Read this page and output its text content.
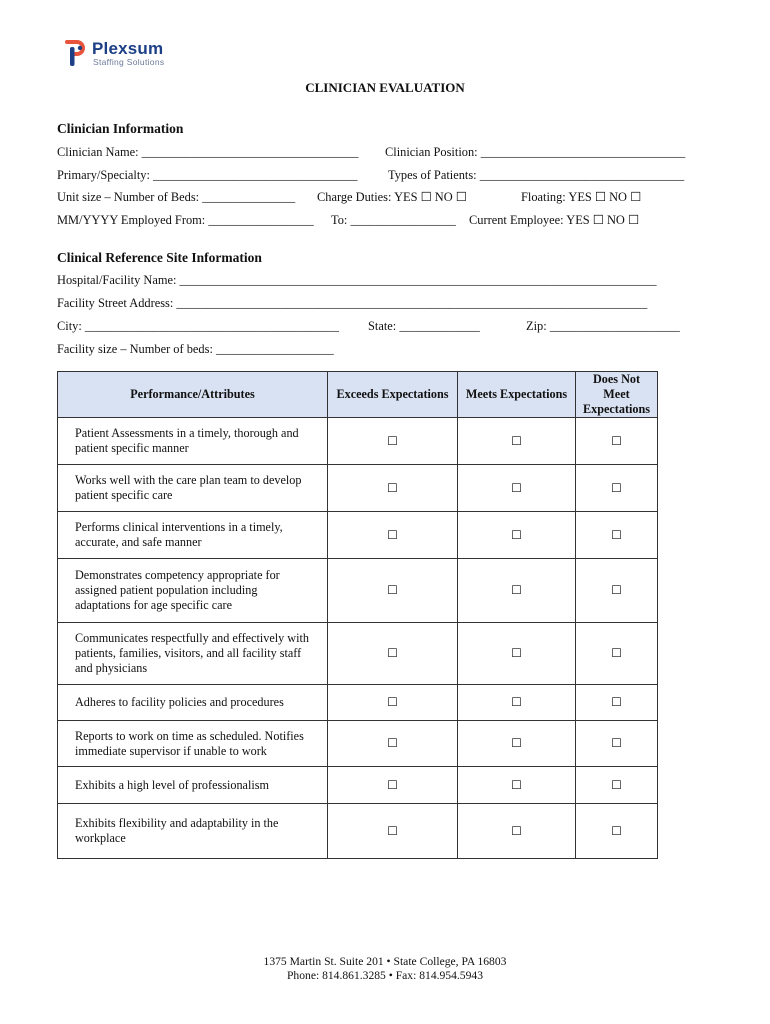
Plexsum
Staffing Solutions
CLINICIAN EVALUATION
Clinician Information
Clinician Name: ___________________________________ Clinician Position: _________________________________
Primary/Specialty: _________________________________ Types of Patients: _________________________________
Unit size – Number of Beds: _______________ Charge Duties: YES ☐ NO ☐	Floating: YES ☐ NO ☐
MM/YYYY Employed From: _________________ To: _________________ Current Employee: YES ☐ NO ☐
Clinical Reference Site Information
Hospital/Facility Name: _____________________________________________________________________________
Facility Street Address: ____________________________________________________________________________
City: _________________________________________ State: _____________	Zip: _____________________
Facility size – Number of beds: ___________________
Performance/Attributes	Exceeds Expectations	Meets Expectations	Does Not Meet Expectations
Patient Assessments in a timely, thorough and patient specific manner	☐	☐	☐
Works well with the care plan team to develop patient specific care	☐	☐	☐
Performs clinical interventions in a timely, accurate, and safe manner	☐	☐	☐
Demonstrates competency appropriate for assigned patient population including adaptations for age specific care	☐	☐	☐
Communicates respectfully and effectively with patients, families, visitors, and all facility staff and physicians	☐	☐	☐
Adheres to facility policies and procedures	☐	☐	☐
Reports to work on time as scheduled. Notifies immediate supervisor if unable to work	☐	☐	☐
Exhibits a high level of professionalism	☐	☐	☐
Exhibits flexibility and adaptability in the workplace	☐	☐	☐
1375 Martin St. Suite 201 • State College, PA 16803
Phone: 814.861.3285 • Fax: 814.954.5943
